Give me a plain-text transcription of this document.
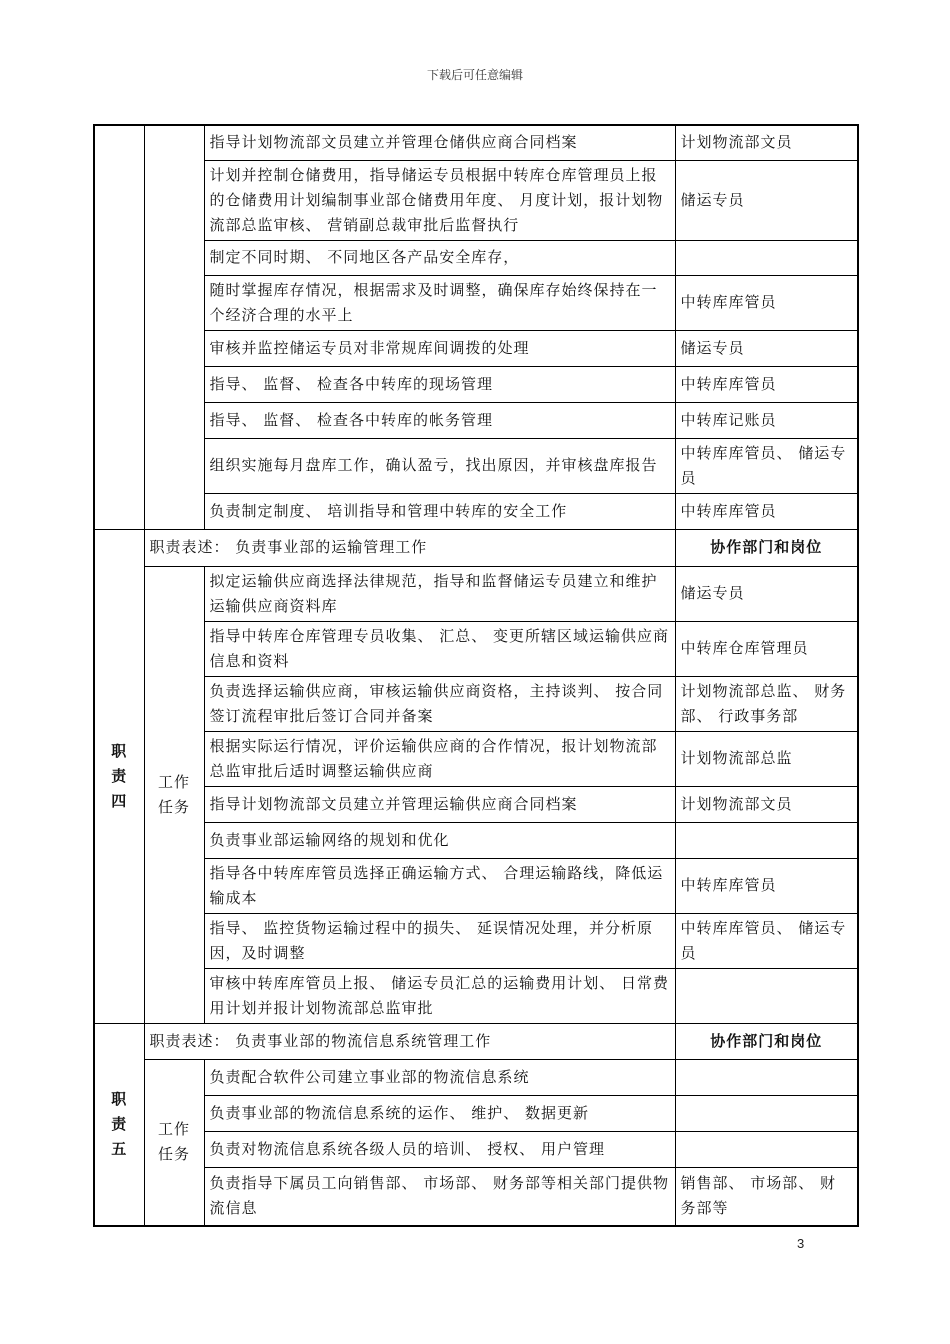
下载后可任意编辑
		指导计划物流部文员建立并管理仓储供应商合同档案	计划物流部文员
		计划并控制仓储费用，指导储运专员根据中转库仓库管理员上报的仓储费用计划编制事业部仓储费用年度、 月度计划，报计划物流部总监审核、 营销副总裁审批后监督执行	储运专员
		制定不同时期、 不同地区各产品安全库存，	
		随时掌握库存情况，根据需求及时调整，确保库存始终保持在一个经济合理的水平上	中转库库管员
		审核并监控储运专员对非常规库间调拨的处理	储运专员
		指导、 监督、 检查各中转库的现场管理	中转库库管员
		指导、 监督、 检查各中转库的帐务管理	中转库记账员
		组织实施每月盘库工作，确认盈亏，找出原因，并审核盘库报告	中转库库管员、 储运专员
		负责制定制度、 培训指导和管理中转库的安全工作	中转库库管员
职
责
四	职责表述： 负责事业部的运输管理工作		协作部门和岗位
	工作
任务	拟定运输供应商选择法律规范，指导和监督储运专员建立和维护运输供应商资料库	储运专员
		指导中转库仓库管理专员收集、 汇总、 变更所辖区域运输供应商信息和资料	中转库仓库管理员
		负责选择运输供应商，审核运输供应商资格，主持谈判、 按合同签订流程审批后签订合同并备案	计划物流部总监、 财务部、 行政事务部
		根据实际运行情况，评价运输供应商的合作情况，报计划物流部总监审批后适时调整运输供应商	计划物流部总监
		指导计划物流部文员建立并管理运输供应商合同档案	计划物流部文员
		负责事业部运输网络的规划和优化	
		指导各中转库库管员选择正确运输方式、 合理运输路线，降低运输成本	中转库库管员
		指导、 监控货物运输过程中的损失、 延误情况处理，并分析原因，及时调整	中转库库管员、 储运专员
		审核中转库库管员上报、 储运专员汇总的运输费用计划、 日常费用计划并报计划物流部总监审批	
职
责
五	职责表述： 负责事业部的物流信息系统管理工作		协作部门和岗位
	工作
任务	负责配合软件公司建立事业部的物流信息系统	
		负责事业部的物流信息系统的运作、 维护、 数据更新	
		负责对物流信息系统各级人员的培训、 授权、 用户管理	
		负责指导下属员工向销售部、 市场部、 财务部等相关部门提供物流信息	销售部、 市场部、 财务部等
3
